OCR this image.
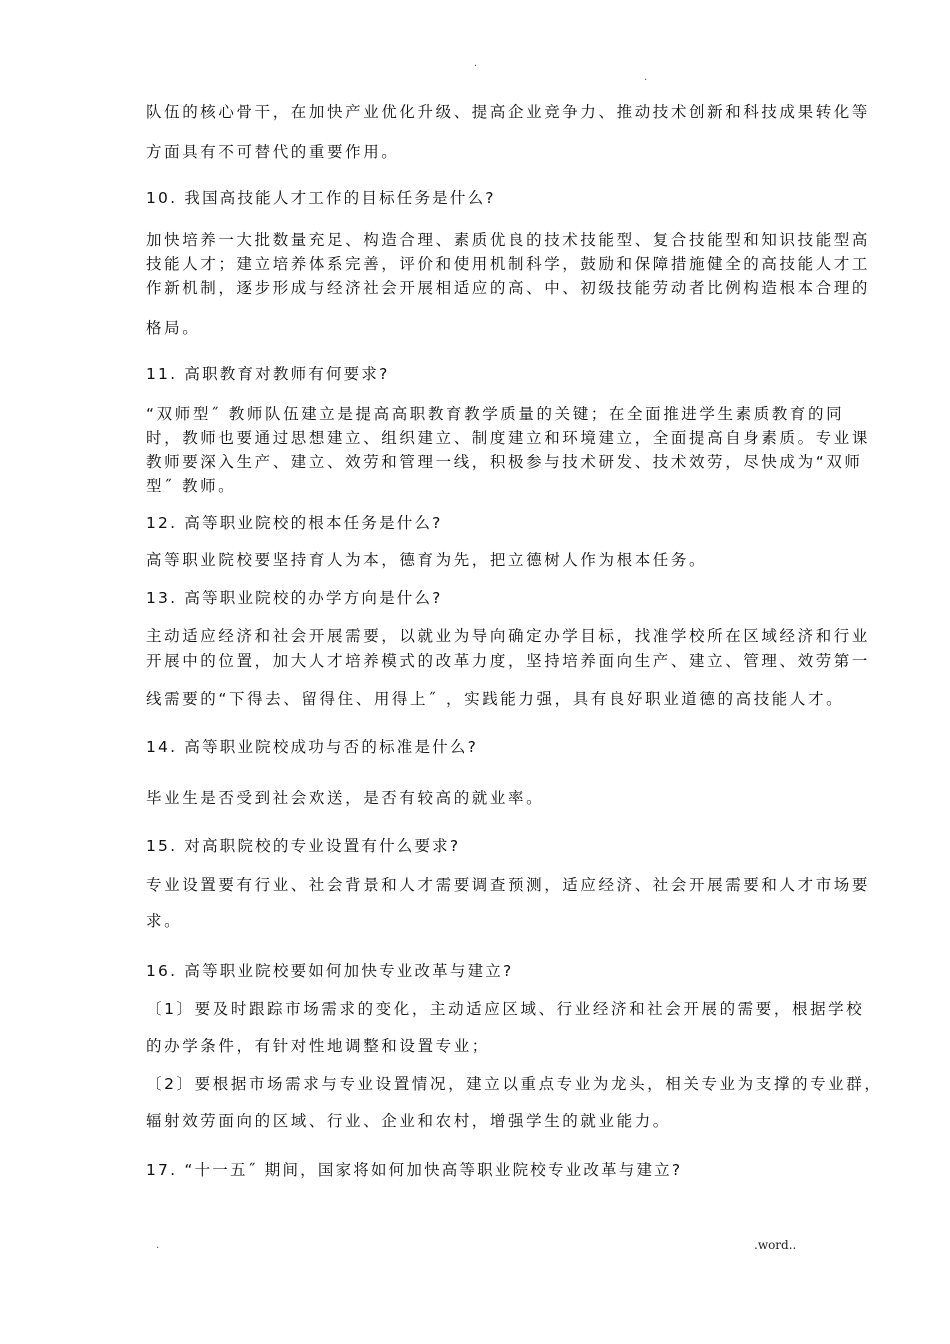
.
.
队伍的核心骨干，在加快产业优化升级、提高企业竞争力、推动技术创新和科技成果转化等
方面具有不可替代的重要作用。
10. 我国高技能人才工作的目标任务是什么?
加快培养一大批数量充足、构造合理、素质优良的技术技能型、复合技能型和知识技能型高
技能人才；建立培养体系完善，评价和使用机制科学，鼓励和保障措施健全的高技能人才工
作新机制，逐步形成与经济社会开展相适应的高、中、初级技能劳动者比例构造根本合理的
格局。
11. 高职教育对教师有何要求?
“双师型˝ 教师队伍建立是提高高职教育教学质量的关键；在全面推进学生素质教育的同
时，教师也要通过思想建立、组织建立、制度建立和环境建立，全面提高自身素质。专业课
教师要深入生产、建立、效劳和管理一线，积极参与技术研发、技术效劳，尽快成为“双师
型˝ 教师。
12. 高等职业院校的根本任务是什么?
高等职业院校要坚持育人为本，德育为先，把立德树人作为根本任务。
13. 高等职业院校的办学方向是什么?
主动适应经济和社会开展需要，以就业为导向确定办学目标，找准学校所在区域经济和行业
开展中的位置，加大人才培养模式的改革力度，坚持培养面向生产、建立、管理、效劳第一
线需要的“下得去、留得住、用得上˝ ，实践能力强，具有良好职业道德的高技能人才。
14. 高等职业院校成功与否的标准是什么?
毕业生是否受到社会欢送，是否有较高的就业率。
15. 对高职院校的专业设置有什么要求?
专业设置要有行业、社会背景和人才需要调查预测，适应经济、社会开展需要和人才市场要
求。
16. 高等职业院校要如何加快专业改革与建立?
〔1〕要及时跟踪市场需求的变化，主动适应区域、行业经济和社会开展的需要，根据学校
的办学条件，有针对性地调整和设置专业；
〔2〕要根据市场需求与专业设置情况，建立以重点专业为龙头，相关专业为支撑的专业群，
辐射效劳面向的区域、行业、企业和农村，增强学生的就业能力。
17. “十一五˝ 期间，国家将如何加快高等职业院校专业改革与建立?
.	.word..
